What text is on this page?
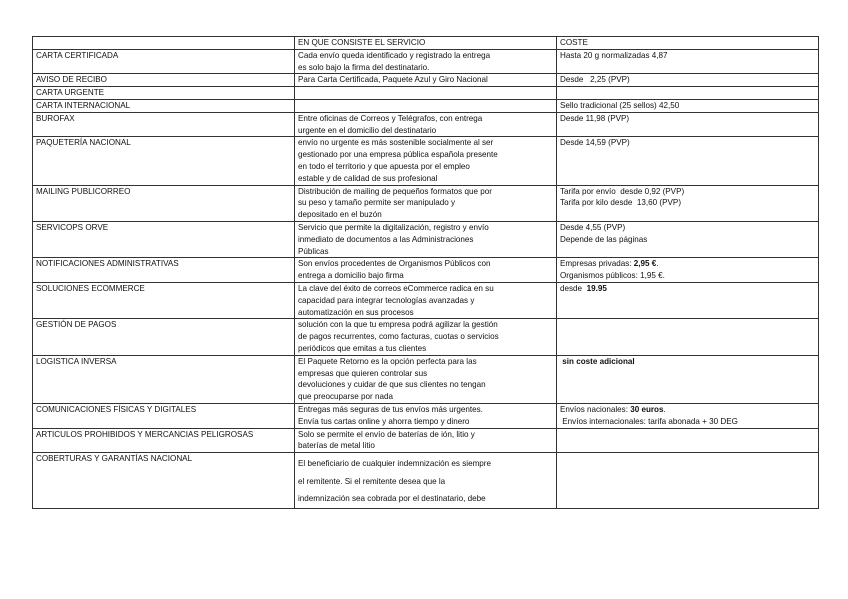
	EN QUE CONSISTE EL SERVICIO	COSTE
CARTA CERTIFICADA	Cada envío queda identificado y registrado la entrega
es solo bajo la firma del destinatario.	Hasta 20 g normalizadas 4,87

AVISO DE RECIBO	Para Carta Certificada, Paquete Azul y Giro Nacional	Desde   2,25 (PVP)

CARTA URGENTE		
CARTA INTERNACIONAL		Sello tradicional (25 sellos) 42,50

BUROFAX	Entre oficinas de Correos y Telégrafos, con entrega
urgente en el domicilio del destinatario	Desde 11,98 (PVP)

PAQUETERÍA NACIONAL	envío no urgente es más sostenible socialmente al ser
gestionado por una empresa pública española presente
en todo el territorio y que apuesta por el empleo
estable y de calidad de sus profesional	Desde 14,59 (PVP)

MAILING PUBLICORREO	Distribución de mailing de pequeños formatos que por
su peso y tamaño permite ser manipulado y
depositado en el buzón	Tarifa por envío  desde 0,92 (PVP)
Tarifa por kilo desde  13,60 (PVP)

SERVICOPS ORVE	Servicio que permite la digitalización, registro y envío
inmediato de documentos a las Administraciones
Públicas	Desde 4,55 (PVP)
Depende de las páginas

NOTIFICACIONES ADMINISTRATIVAS	Son envíos procedentes de Organismos Públicos con
entrega a domicilio bajo firma	Empresas privadas: 2,95 €.
Organismos públicos: 1,95 €.

SOLUCIONES ECOMMERCE	La clave del éxito de correos eCommerce radica en su
capacidad para integrar tecnologías avanzadas y
automatización en sus procesos	desde  19.95

GESTIÓN DE PAGOS	solución con la que tu empresa podrá agilizar la gestión
de pagos recurrentes, como facturas, cuotas o servicios
periódicos que emitas a tus clientes	

LOGISTICA INVERSA	El Paquete Retorno es la opción perfecta para las
empresas que quieren controlar sus
devoluciones y cuidar de que sus clientes no tengan
que preocuparse por nada	sin coste adicional

COMUNICACIONES FÍSICAS Y DIGITALES	Entregas más seguras de tus envíos más urgentes.
Envía tus cartas online y ahorra tiempo y dinero	Envíos nacionales: 30 euros.
Envíos internacionales: tarifa abonada + 30 DEG

ARTICULOS PROHIBIDOS Y MERCANCIAS PELIGROSAS	Solo se permite el envío de baterías de ión, litio y
baterías de metal litio	

COBERTURAS Y GARANTÍAS NACIONAL	El beneficiario de cualquier indemnización es siempre
el remitente. Si el remitente desea que la
indemnización sea cobrada por el destinatario, debe	
